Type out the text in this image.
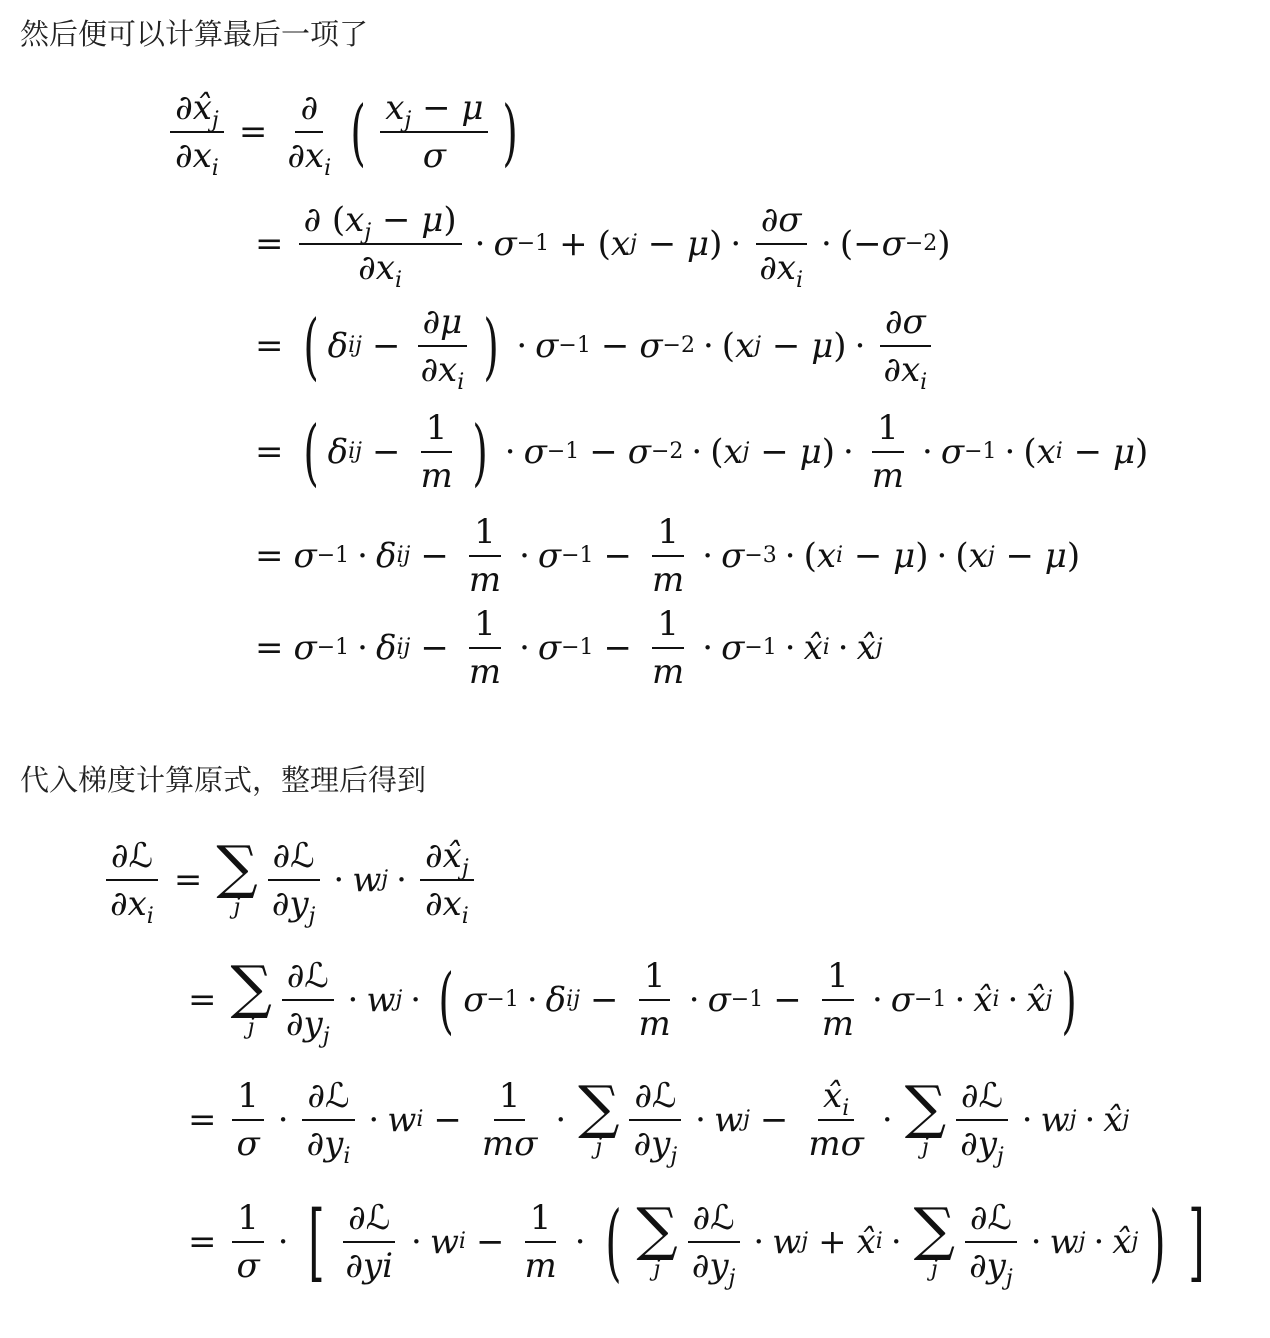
然后便可以计算最后一项了
$\frac{\partial x̂_j}{\partial x_i} = \frac{\partial}{\partial x_i}$ ( $\frac{x_j - \mu}{\sigma}$ )
= $\frac{\partial (x_j - \mu)}{\partial x_i} \cdot \sigma -1$ + ( x j − μ ) · $\frac{\partial\sigma}{\partial x_i}$ · (− σ −2 )
= ( δ ij − $\frac{\partial\mu}{\partial x_i}$ ) · σ −1 − σ −2 · ( x j − μ ) · $\frac{\partial\sigma}{\partial x_i}$
= ( δ ij − $\frac{1}{m}$ ) · σ −1 − σ −2 · ( x j − μ ) · $\frac{1}{m} \cdot \sigma -1$ · ( x i − μ )
= σ −1 · δ ij − $\frac{1}{m} \cdot \sigma -1 - \frac{1}{m} \cdot \sigma -3$ · ( x i − μ ) · ( x j − μ )
= σ −1 · δ ij − $\frac{1}{m} \cdot \sigma -1 - \frac{1}{m} \cdot \sigma -1$ · x̂ i · x̂ j
代入梯度计算原式，整理后得到
$\frac{\text{∂ℒ}}{\partial x_i}$ = ∑
j $\frac{\text{∂ℒ}}{\partial y_j} \cdot w$ $j \cdot \frac{\partial x̂_j}{\partial x_i}$
= ∑
j $\frac{\text{∂ℒ}}{\partial y_j} \cdot w$ j · ( σ −1 · δ ij − $\frac{1}{m} \cdot \sigma -1 - \frac{1}{m} \cdot \sigma -1$ · x̂ i · x̂ j )
= $\frac{1}{\sigma} \cdot \frac{\text{∂ℒ}}{\partial y_i} \cdot w$ $i - \frac{1}{m\sigma}$ · ∑
j $\frac{\text{∂ℒ}}{\partial y_j} \cdot w$ $j - \frac{x̂_i}{m\sigma}$ · ∑
j $\frac{\text{∂ℒ}}{\partial y_j} \cdot w$ j · x̂ j
= $\frac{1}{\sigma}$ · [ $\frac{\text{∂ℒ}}{\partial yi} \cdot w$ $i - \frac{1}{m}$ · ( ∑
j $\frac{\text{∂ℒ}}{\partial y_j} \cdot w$ j + x̂ i · ∑
j $\frac{\text{∂ℒ}}{\partial y_j} \cdot w$ j · x̂ j ) ]
